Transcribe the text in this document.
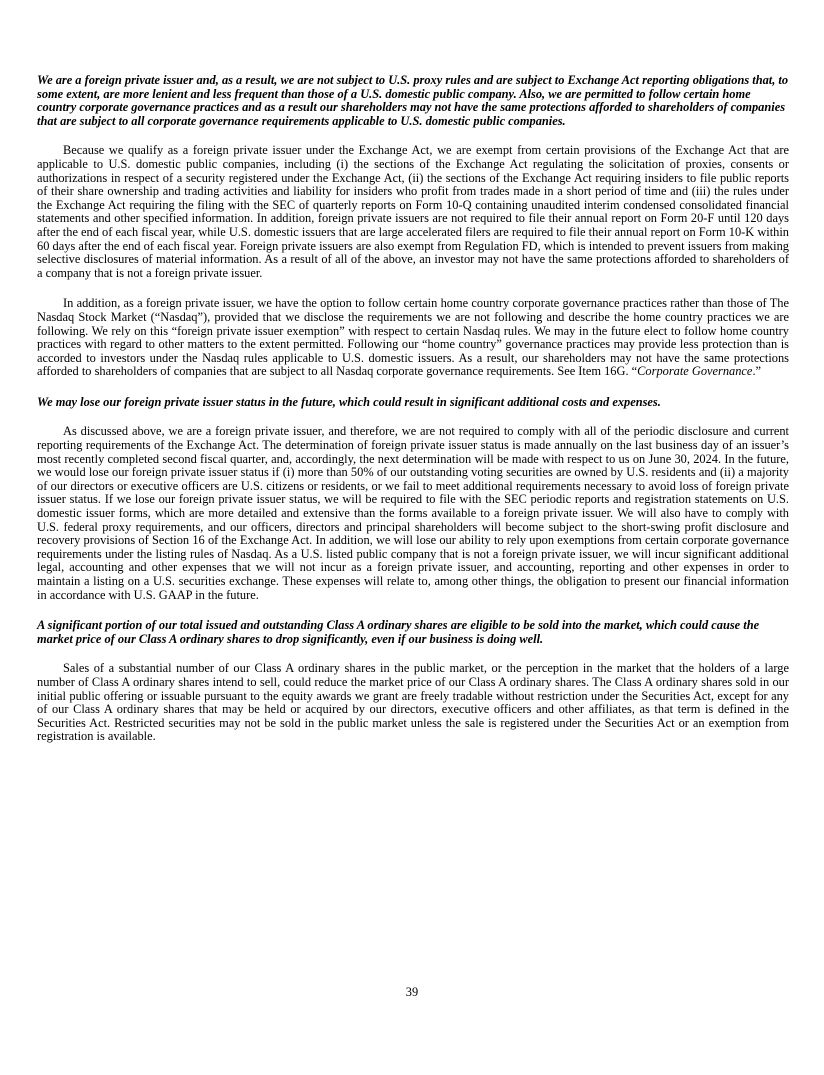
We are a foreign private issuer and, as a result, we are not subject to U.S. proxy rules and are subject to Exchange Act reporting obligations that, to some extent, are more lenient and less frequent than those of a U.S. domestic public company. Also, we are permitted to follow certain home country corporate governance practices and as a result our shareholders may not have the same protections afforded to shareholders of companies that are subject to all corporate governance requirements applicable to U.S. domestic public companies.

Because we qualify as a foreign private issuer under the Exchange Act, we are exempt from certain provisions of the Exchange Act that are applicable to U.S. domestic public companies, including (i) the sections of the Exchange Act regulating the solicitation of proxies, consents or authorizations in respect of a security registered under the Exchange Act, (ii) the sections of the Exchange Act requiring insiders to file public reports of their share ownership and trading activities and liability for insiders who profit from trades made in a short period of time and (iii) the rules under the Exchange Act requiring the filing with the SEC of quarterly reports on Form 10-Q containing unaudited interim condensed consolidated financial statements and other specified information. In addition, foreign private issuers are not required to file their annual report on Form 20-F until 120 days after the end of each fiscal year, while U.S. domestic issuers that are large accelerated filers are required to file their annual report on Form 10-K within 60 days after the end of each fiscal year. Foreign private issuers are also exempt from Regulation FD, which is intended to prevent issuers from making selective disclosures of material information. As a result of all of the above, an investor may not have the same protections afforded to shareholders of a company that is not a foreign private issuer.

In addition, as a foreign private issuer, we have the option to follow certain home country corporate governance practices rather than those of The Nasdaq Stock Market (“Nasdaq”), provided that we disclose the requirements we are not following and describe the home country practices we are following. We rely on this “foreign private issuer exemption” with respect to certain Nasdaq rules. We may in the future elect to follow home country practices with regard to other matters to the extent permitted. Following our “home country” governance practices may provide less protection than is accorded to investors under the Nasdaq rules applicable to U.S. domestic issuers. As a result, our shareholders may not have the same protections afforded to shareholders of companies that are subject to all Nasdaq corporate governance requirements. See Item 16G. “Corporate Governance.”

We may lose our foreign private issuer status in the future, which could result in significant additional costs and expenses.

As discussed above, we are a foreign private issuer, and therefore, we are not required to comply with all of the periodic disclosure and current reporting requirements of the Exchange Act. The determination of foreign private issuer status is made annually on the last business day of an issuer’s most recently completed second fiscal quarter, and, accordingly, the next determination will be made with respect to us on June 30, 2024. In the future, we would lose our foreign private issuer status if (i) more than 50% of our outstanding voting securities are owned by U.S. residents and (ii) a majority of our directors or executive officers are U.S. citizens or residents, or we fail to meet additional requirements necessary to avoid loss of foreign private issuer status. If we lose our foreign private issuer status, we will be required to file with the SEC periodic reports and registration statements on U.S. domestic issuer forms, which are more detailed and extensive than the forms available to a foreign private issuer. We will also have to comply with U.S. federal proxy requirements, and our officers, directors and principal shareholders will become subject to the short-swing profit disclosure and recovery provisions of Section 16 of the Exchange Act. In addition, we will lose our ability to rely upon exemptions from certain corporate governance requirements under the listing rules of Nasdaq. As a U.S. listed public company that is not a foreign private issuer, we will incur significant additional legal, accounting and other expenses that we will not incur as a foreign private issuer, and accounting, reporting and other expenses in order to maintain a listing on a U.S. securities exchange. These expenses will relate to, among other things, the obligation to present our financial information in accordance with U.S. GAAP in the future.

A significant portion of our total issued and outstanding Class A ordinary shares are eligible to be sold into the market, which could cause the market price of our Class A ordinary shares to drop significantly, even if our business is doing well.

Sales of a substantial number of our Class A ordinary shares in the public market, or the perception in the market that the holders of a large number of Class A ordinary shares intend to sell, could reduce the market price of our Class A ordinary shares. The Class A ordinary shares sold in our initial public offering or issuable pursuant to the equity awards we grant are freely tradable without restriction under the Securities Act, except for any of our Class A ordinary shares that may be held or acquired by our directors, executive officers and other affiliates, as that term is defined in the Securities Act. Restricted securities may not be sold in the public market unless the sale is registered under the Securities Act or an exemption from registration is available.

39
